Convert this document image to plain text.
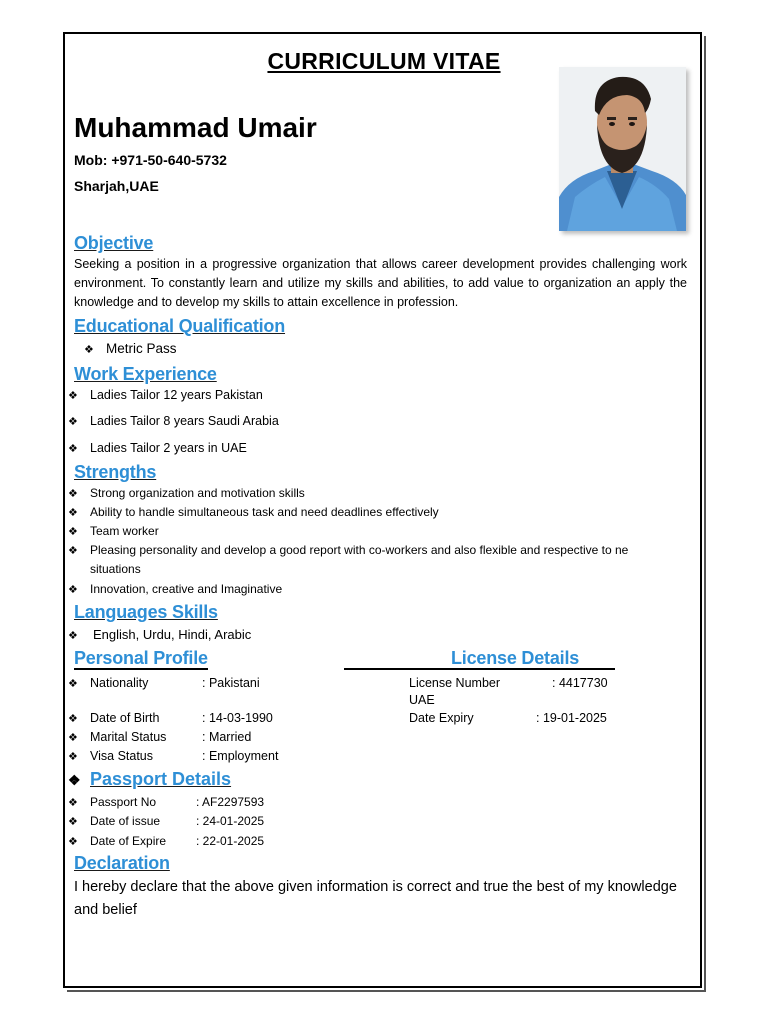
CURRICULUM VITAE
Muhammad Umair
Mob: +971-50-640-5732
Sharjah,UAE
Objective
Seeking a position in a progressive organization that allows career development provides challenging work environment. To constantly learn and utilize my skills and abilities, to add value to organization an apply the knowledge and to develop my skills to attain excellence in profession.
Educational Qualification
❖ Metric Pass
Work Experience
❖ Ladies Tailor 12 years Pakistan
❖ Ladies Tailor 8 years Saudi Arabia
❖ Ladies Tailor 2 years in UAE
Strengths
❖ Strong organization and motivation skills
❖ Ability to handle simultaneous task and need deadlines effectively
❖ Team worker
❖ Pleasing personality and develop a good report with co-workers and also flexible and respective to ne
situations
❖ Innovation, creative and Imaginative
Languages Skills
❖ English, Urdu, Hindi, Arabic
Personal Profile	License Details
❖ Nationality	: Pakistani
❖ Date of Birth	: 14-03-1990
❖ Marital Status	: Married
❖ Visa Status	: Employment
License Number	: 4417730
UAE
Date Expiry	: 19-01-2025
❖ Passport Details
❖ Passport No	: AF2297593
❖ Date of issue	: 24-01-2025
❖ Date of Expire : 22-01-2025
Declaration
I hereby declare that the above given information is correct and true the best of my knowledge and belief
